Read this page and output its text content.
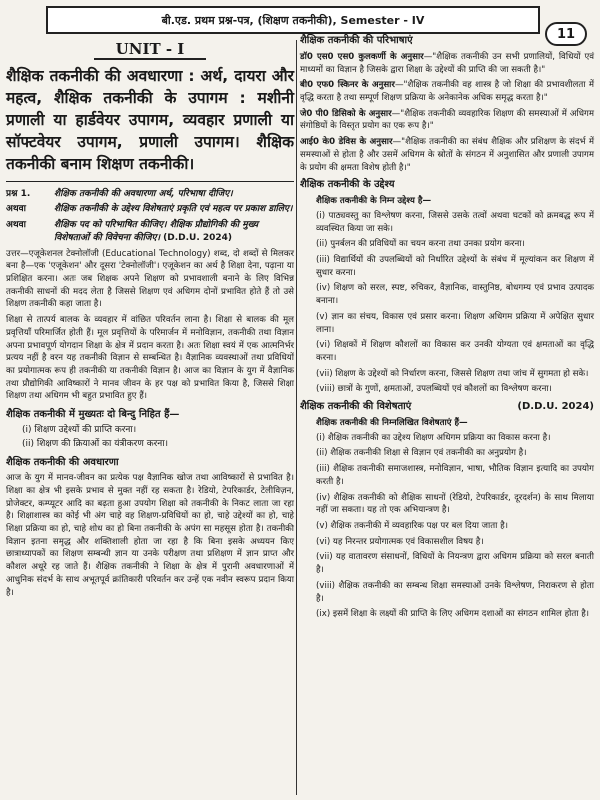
बी.एड. प्रथम प्रश्न-पत्र, (शिक्षण तकनीकी), Semester - IV
11
UNIT - I
शैक्षिक तकनीकी की अवधारणा : अर्थ, दायरा और महत्व, शैक्षिक तकनीकी के उपागम : मशीनी प्रणाली या हार्डवेयर उपागम, व्यवहार प्रणाली या सॉफ्टवेयर उपागम, प्रणाली उपागम। शैक्षिक तकनीकी बनाम शिक्षण तकनीकी।
प्रश्न 1.	शैक्षिक तकनीकी की अवधारणा अर्थ, परिभाषा दीजिए।
अथवा	शैक्षिक तकनीकी के उद्देश्य विशेषताएं प्रकृति एवं महत्व पर प्रकाश डालिए।
अथवा	शैक्षिक पद को परिभाषित कीजिए। शैक्षिक प्रौद्योगिकी की मुख्य विशेषताओं की विवेचना कीजिए। (D.D.U. 2024)

उत्तर—एजूकेशनल टेक्नोलॉजी (Educational Technology) शब्द, दो शब्दों से मिलकर बना है—एक 'एजूकेशन' और दूसरा 'टेक्नोलॉजी'। एजूकेशन का अर्थ है शिक्षा देना, पढ़ाना या प्रशिक्षित करना। अतः जब शिक्षक अपने शिक्षण को प्रभावशाली बनाने के लिए विभिन्न तकनीकी साधनों की मदद लेता है जिससे शिक्षण एवं अधिगम दोनों प्रभावित होते हैं तो उसे शिक्षण तकनीकी कहा जाता है।

शिक्षा से तात्पर्य बालक के व्यवहार में वांछित परिवर्तन लाना है। शिक्षा से बालक की मूल प्रवृत्तियाँ परिमार्जित होती हैं। मूल प्रवृत्तियों के परिमार्जन में मनोविज्ञान, तकनीकी तथा विज्ञान अपना प्रभावपूर्ण योगदान शिक्षा के क्षेत्र में प्रदान करता है। अतः शिक्षा स्वयं में एक आत्मनिर्भर प्रत्यय नहीं है वरन यह तकनीकी विज्ञान से सम्बन्धित है। वैज्ञानिक व्यवस्थाओं तथा प्रविधियों का प्रयोगात्मक रूप ही तकनीकी या तकनीकी विज्ञान है। आज का विज्ञान के युग में वैज्ञानिक तथा प्रौद्योगिकी आविष्कारों ने मानव जीवन के हर पक्ष को प्रभावित किया है, जिससे शिक्षा शिक्षण तथा अधिगम भी बहुत प्रभावित हुए हैं।

शैक्षिक तकनीकी में मुख्यतः दो बिन्दु निहित हैं—
(i) शिक्षण उद्देश्यों की प्राप्ति करना।
(ii) शिक्षण की क्रियाओं का यंत्रीकरण करना।
शैक्षिक तकनीकी की अवधारणा

आज के युग में मानव-जीवन का प्रत्येक पक्ष वैज्ञानिक खोज तथा आविष्कारों से प्रभावित है। शिक्षा का क्षेत्र भी इसके प्रभाव से मुक्त नहीं रह सकता है। रेडियो, टेपरिकार्डर, टेलीविज़न, प्रोजेक्टर, कम्प्यूटर आदि का बढ़ता हुआ उपयोग शिक्षा को तकनीकी के निकट लाता जा रहा है। शिक्षाशास्त्र का कोई भी अंग चाहे वह शिक्षण-प्रविधियों का हो, चाहे उद्देश्यों का हो, चाहे शिक्षा प्रक्रिया का हो, चाहे शोध का हो बिना तकनीकी के अपंग सा महसूस होता है। तकनीकी विज्ञान इतना समृद्ध और शक्तिशाली होता जा रहा है कि बिना इसके अध्ययन किए छात्राध्यापकों का शिक्षण सम्बन्धी ज्ञान या उनके परीक्षण तथा प्रशिक्षण में ज्ञान प्राप्त और कौशल अधूरे रह जाते हैं। शैक्षिक तकनीकी ने शिक्षा के क्षेत्र में पुरानी अवधारणाओं में आधुनिक संदर्भ के साथ अभूतपूर्व क्रांतिकारी परिवर्तन कर उन्हें एक नवीन स्वरूप प्रदान किया है।

शैक्षिक तकनीकी की परिभाषाएं
डॉ0 एस0 एस0 कुलकर्णी के अनुसार—"शैक्षिक तकनीकी उन सभी प्रणालियों, विधियों एवं माध्यमों का विज्ञान है जिसके द्वारा शिक्षा के उद्देश्यों की प्राप्ति की जा सकती है।"
बी0 एफ0 स्किनर के अनुसार—"शैक्षिक तकनीकी वह शास्त्र है जो शिक्षा की प्रभावशीलता में वृद्धि करता है तथा सम्पूर्ण शिक्षण प्रक्रिया के अनेकानेक अधिक समृद्ध करता है।"
जे0 पी0 डिसिको के अनुसार—"शैक्षिक तकनीकी व्यवहारिक शिक्षण की समस्याओं में अधिगम संगोष्ठियों के विस्तृत प्रयोग का एक रूप है।"
आई0 के0 डेविस के अनुसार—"शैक्षिक तकनीकी का संबंध शैक्षिक और प्रशिक्षण के संदर्भ में समस्याओं से होता है और उसमें अधिगम के स्रोतों के संगठन में अनुशासित और प्रणाली उपागम के प्रयोग की क्षमता विशेष होती है।"
शैक्षिक तकनीकी के उद्देश्य
शैक्षिक तकनीकी के निम्न उद्देश्य है—
(i) पाठ्यवस्तु का विश्लेषण करना, जिससे उसके तत्वों अथवा घटकों को क्रमबद्ध रूप में व्यवस्थित किया जा सके।
(ii) पुनर्बलन की प्रविधियों का चयन करना तथा उनका प्रयोग करना।
(iii) विद्यार्थियों की उपलब्धियों को निर्धारित उद्देश्यों के संबंध में मूल्यांकन कर शिक्षण में सुधार करना।
(iv) शिक्षण को सरल, स्पष्ट, रुचिकर, वैज्ञानिक, वास्तुनिष्ठ, बोधगम्य एवं प्रभाव उत्पादक बनाना।
(v) ज्ञान का संचय, विकास एवं प्रसार करना। शिक्षण अधिगम प्रक्रिया में अपेक्षित सुधार लाना।
(vi) शिक्षकों में शिक्षण कौशलों का विकास कर उनकी योग्यता एवं क्षमताओं का वृद्धि करना।
(vii) शिक्षण के उद्देश्यों को निर्धारण करना, जिससे शिक्षण तथा जांच में सुगमता हो सके।
(viii) छात्रों के गुणों, क्षमताओं, उपलब्धियों एवं कौशलों का विश्लेषण करना।
शैक्षिक तकनीकी की विशेषताएं	(D.D.U. 2024)
शैक्षिक तकनीकी की निम्नलिखित विशेषताएं हैं—
(i) शैक्षिक तकनीकी का उद्देश्य शिक्षण अधिगम प्रक्रिया का विकास करना है।
(ii) शैक्षिक तकनीकी शिक्षा से विज्ञान एवं तकनीकी का अनुप्रयोग है।
(iii) शैक्षिक तकनीकी समाजशास्त्र, मनोविज्ञान, भाषा, भौतिक विज्ञान इत्यादि का उपयोग करती है।
(iv) शैक्षिक तकनीकी को शैक्षिक साधनों (रेडियो, टेपरिकार्डर, दूरदर्शन) के साथ मिलाया नहीं जा सकता। यह तो एक अभियान्त्रण है।
(v) शैक्षिक तकनीकी में व्यवहारिक पक्ष पर बल दिया जाता है।
(vi) यह निरन्तर प्रयोगात्मक एवं विकासशील विषय है।
(vii) यह वातावरण संसाधनों, विधियों के नियन्त्रण द्वारा अधिगम प्रक्रिया को सरल बनाती है।
(viii) शैक्षिक तकनीकी का सम्बन्ध शिक्षा समस्याओं उनके विश्लेषण, निराकरण से होता है।
(ix) इसमें शिक्षा के लक्ष्यों की प्राप्ति के लिए अधिगम दशाओं का संगठन शामिल होता है।
